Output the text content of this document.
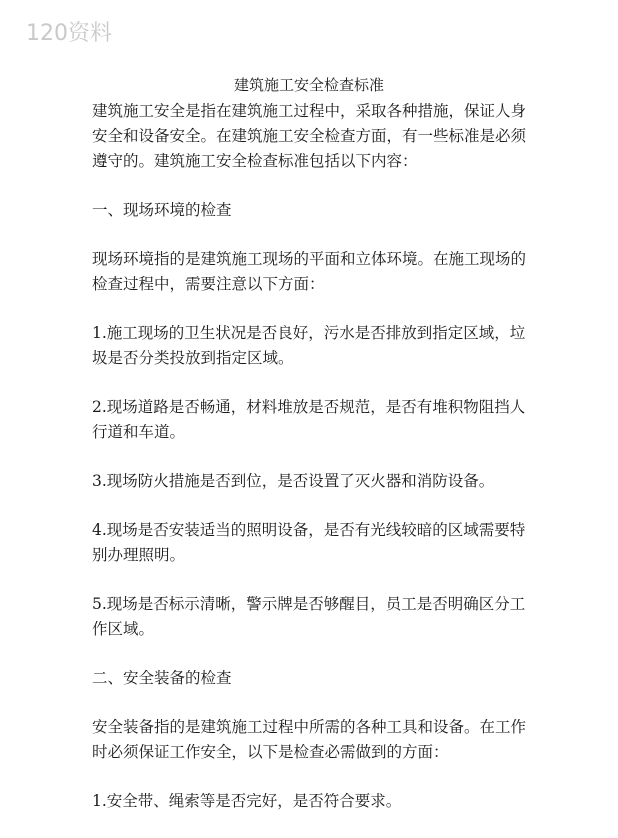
120资料
建筑施工安全检查标准

建筑施工安全是指在建筑施工过程中，采取各种措施，保证人身安全和设备安全。在建筑施工安全检查方面，有一些标准是必须遵守的。建筑施工安全检查标准包括以下内容：

一、现场环境的检查

现场环境指的是建筑施工现场的平面和立体环境。在施工现场的检查过程中，需要注意以下方面：

1.施工现场的卫生状况是否良好，污水是否排放到指定区域，垃圾是否分类投放到指定区域。

2.现场道路是否畅通，材料堆放是否规范，是否有堆积物阻挡人行道和车道。

3.现场防火措施是否到位，是否设置了灭火器和消防设备。

4.现场是否安装适当的照明设备，是否有光线较暗的区域需要特别办理照明。

5.现场是否标示清晰，警示牌是否够醒目，员工是否明确区分工作区域。

二、安全装备的检查

安全装备指的是建筑施工过程中所需的各种工具和设备。在工作时必须保证工作安全，以下是检查必需做到的方面：

1.安全带、绳索等是否完好，是否符合要求。
